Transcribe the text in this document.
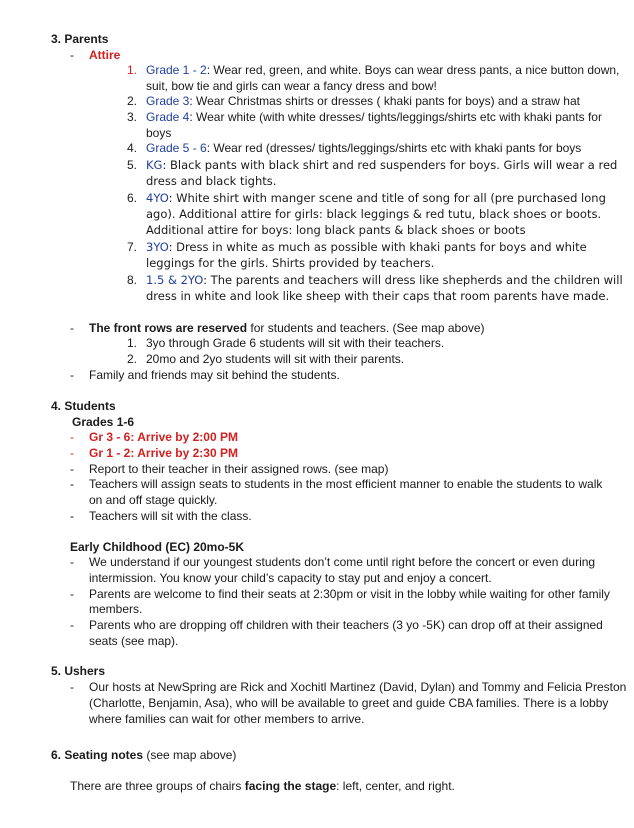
3. Parents
- Attire
1. Grade 1 - 2: Wear red, green, and white. Boys can wear dress pants, a nice button down,
suit, bow tie and girls can wear a fancy dress and bow!
2. Grade 3: Wear Christmas shirts or dresses ( khaki pants for boys) and a straw hat
3. Grade 4: Wear white (with white dresses/ tights/leggings/shirts etc with khaki pants for
boys
4. Grade 5 - 6: Wear red (dresses/ tights/leggings/shirts etc with khaki pants for boys
5. KG: Black pants with black shirt and red suspenders for boys. Girls will wear a red
dress and black tights.
6. 4YO: White shirt with manger scene and title of song for all (pre purchased long
ago). Additional attire for girls: black leggings & red tutu, black shoes or boots.
Additional attire for boys: long black pants & black shoes or boots
7. 3YO: Dress in white as much as possible with khaki pants for boys and white
leggings for the girls. Shirts provided by teachers.
8. 1.5 & 2YO: The parents and teachers will dress like shepherds and the children will
dress in white and look like sheep with their caps that room parents have made.
- The front rows are reserved for students and teachers. (See map above)
1. 3yo through Grade 6 students will sit with their teachers.
2. 20mo and 2yo students will sit with their parents.
- Family and friends may sit behind the students.
4. Students
Grades 1-6
- Gr 3 - 6: Arrive by 2:00 PM
- Gr 1 - 2: Arrive by 2:30 PM
- Report to their teacher in their assigned rows. (see map)
- Teachers will assign seats to students in the most efficient manner to enable the students to walk
on and off stage quickly.
- Teachers will sit with the class.
Early Childhood (EC) 20mo-5K
- We understand if our youngest students don’t come until right before the concert or even during
intermission. You know your child’s capacity to stay put and enjoy a concert.
- Parents are welcome to find their seats at 2:30pm or visit in the lobby while waiting for other family
members.
- Parents who are dropping off children with their teachers (3 yo -5K) can drop off at their assigned
seats (see map).
5. Ushers
- Our hosts at NewSpring are Rick and Xochitl Martinez (David, Dylan) and Tommy and Felicia Preston
(Charlotte, Benjamin, Asa), who will be available to greet and guide CBA families. There is a lobby
where families can wait for other members to arrive.
6. Seating notes (see map above)
There are three groups of chairs facing the stage: left, center, and right.
